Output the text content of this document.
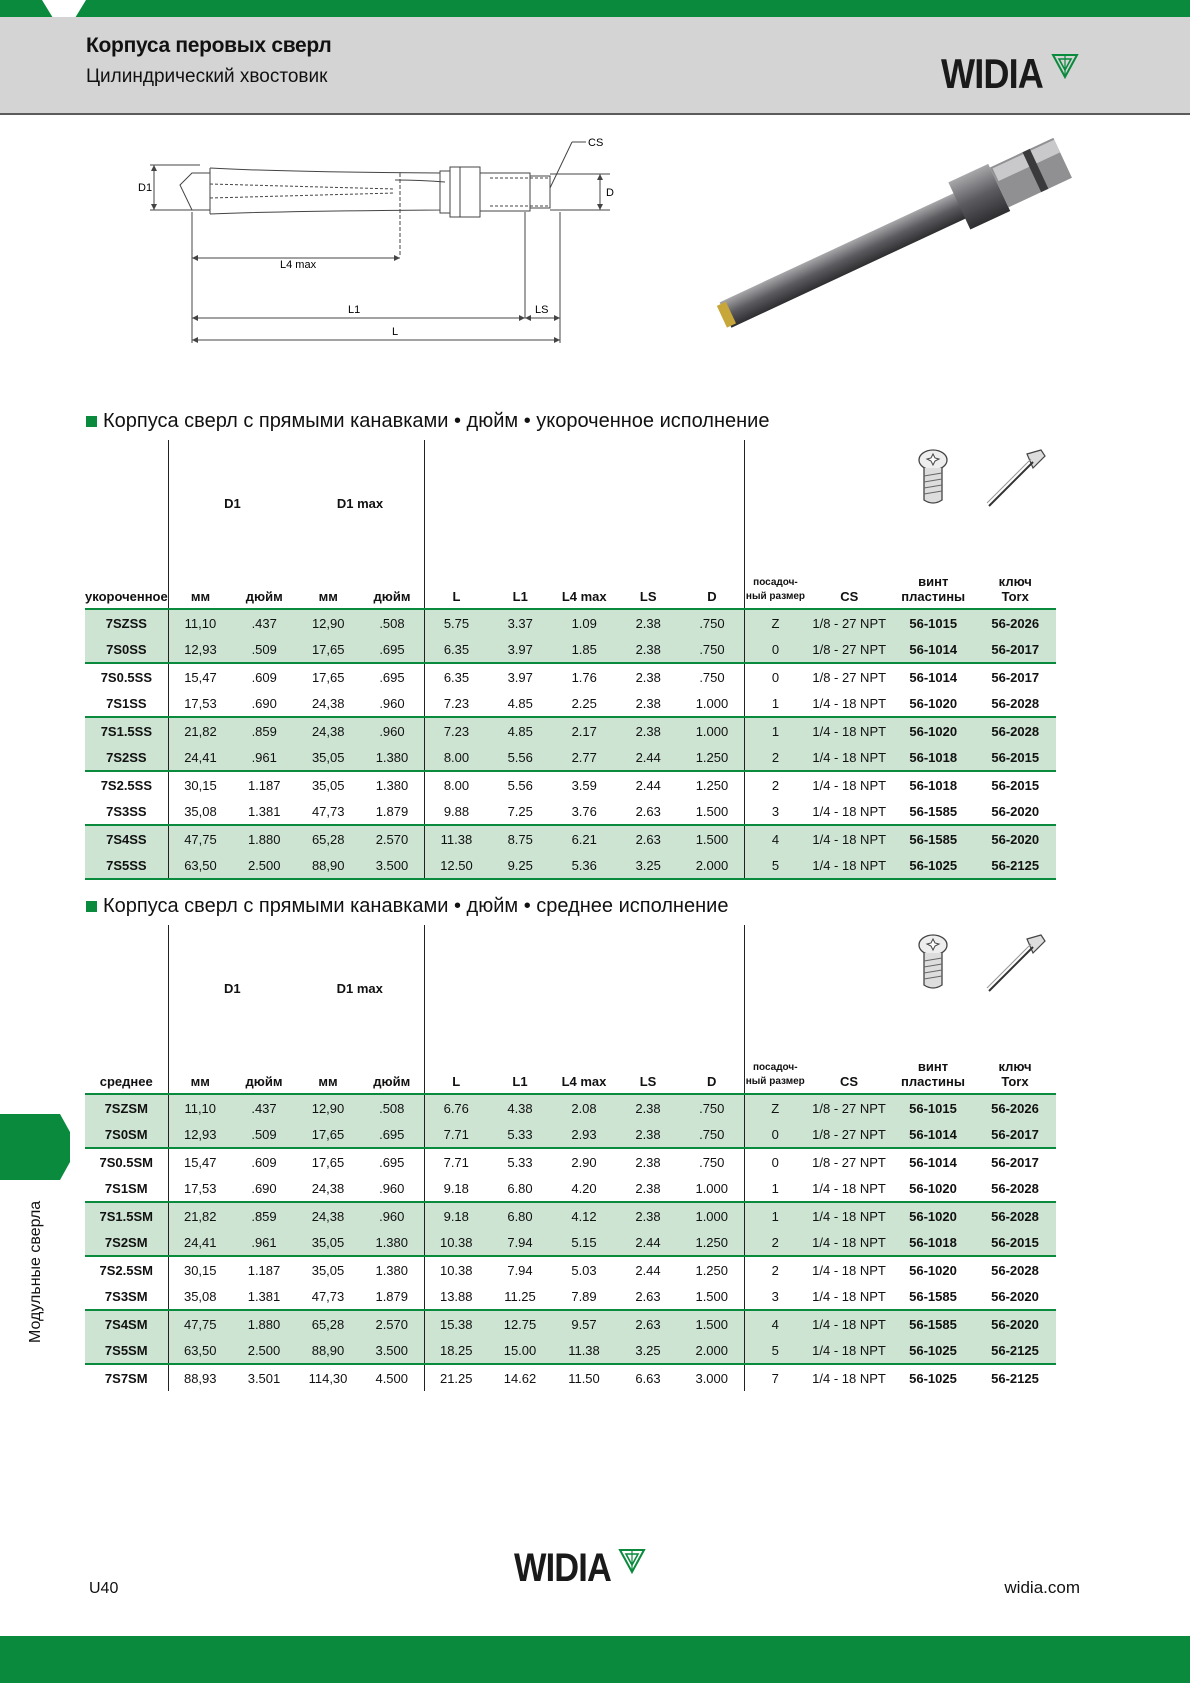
Корпуса перовых сверл
Цилиндрический хвостовик	WIDIA
CS
D1	D
L4 max
L1	LS
L
Корпуса сверл с прямыми канавками • дюйм • укороченное исполнение
	D1		D1 max									
укороченное	мм	дюйм	мм	дюйм	L	L1	L4 max	LS	D	посадоч-
ный размер	CS	винт
пластины	ключ
Torx
7SZSS	11,10	.437	12,90	.508	5.75	3.37	1.09	2.38	.750	Z	1/8 - 27 NPT	56-1015	56-2026
7S0SS	12,93	.509	17,65	.695	6.35	3.97	1.85	2.38	.750	0	1/8 - 27 NPT	56-1014	56-2017
7S0.5SS	15,47	.609	17,65	.695	6.35	3.97	1.76	2.38	.750	0	1/8 - 27 NPT	56-1014	56-2017
7S1SS	17,53	.690	24,38	.960	7.23	4.85	2.25	2.38	1.000	1	1/4 - 18 NPT	56-1020	56-2028
7S1.5SS	21,82	.859	24,38	.960	7.23	4.85	2.17	2.38	1.000	1	1/4 - 18 NPT	56-1020	56-2028
7S2SS	24,41	.961	35,05	1.380	8.00	5.56	2.77	2.44	1.250	2	1/4 - 18 NPT	56-1018	56-2015
7S2.5SS	30,15	1.187	35,05	1.380	8.00	5.56	3.59	2.44	1.250	2	1/4 - 18 NPT	56-1018	56-2015
7S3SS	35,08	1.381	47,73	1.879	9.88	7.25	3.76	2.63	1.500	3	1/4 - 18 NPT	56-1585	56-2020
7S4SS	47,75	1.880	65,28	2.570	11.38	8.75	6.21	2.63	1.500	4	1/4 - 18 NPT	56-1585	56-2020
7S5SS	63,50	2.500	88,90	3.500	12.50	9.25	5.36	3.25	2.000	5	1/4 - 18 NPT	56-1025	56-2125
Корпуса сверл с прямыми канавками • дюйм • среднее исполнение
	D1		D1 max									
среднее	мм	дюйм	мм	дюйм	L	L1	L4 max	LS	D	посадоч-
ный размер	CS	винт
пластины	ключ
Torx
7SZSM	11,10	.437	12,90	.508	6.76	4.38	2.08	2.38	.750	Z	1/8 - 27 NPT	56-1015	56-2026
7S0SM	12,93	.509	17,65	.695	7.71	5.33	2.93	2.38	.750	0	1/8 - 27 NPT	56-1014	56-2017
7S0.5SM	15,47	.609	17,65	.695	7.71	5.33	2.90	2.38	.750	0	1/8 - 27 NPT	56-1014	56-2017
7S1SM	17,53	.690	24,38	.960	9.18	6.80	4.20	2.38	1.000	1	1/4 - 18 NPT	56-1020	56-2028
7S1.5SM	21,82	.859	24,38	.960	9.18	6.80	4.12	2.38	1.000	1	1/4 - 18 NPT	56-1020	56-2028
7S2SM	24,41	.961	35,05	1.380	10.38	7.94	5.15	2.44	1.250	2	1/4 - 18 NPT	56-1018	56-2015
7S2.5SM	30,15	1.187	35,05	1.380	10.38	7.94	5.03	2.44	1.250	2	1/4 - 18 NPT	56-1020	56-2028
7S3SM	35,08	1.381	47,73	1.879	13.88	11.25	7.89	2.63	1.500	3	1/4 - 18 NPT	56-1585	56-2020
7S4SM	47,75	1.880	65,28	2.570	15.38	12.75	9.57	2.63	1.500	4	1/4 - 18 NPT	56-1585	56-2020
7S5SM	63,50	2.500	88,90	3.500	18.25	15.00	11.38	3.25	2.000	5	1/4 - 18 NPT	56-1025	56-2125
7S7SM	88,93	3.501	114,30	4.500	21.25	14.62	11.50	6.63	3.000	7	1/4 - 18 NPT	56-1025	56-2125
Модульные сверла
U40	WIDIA	widia.com
